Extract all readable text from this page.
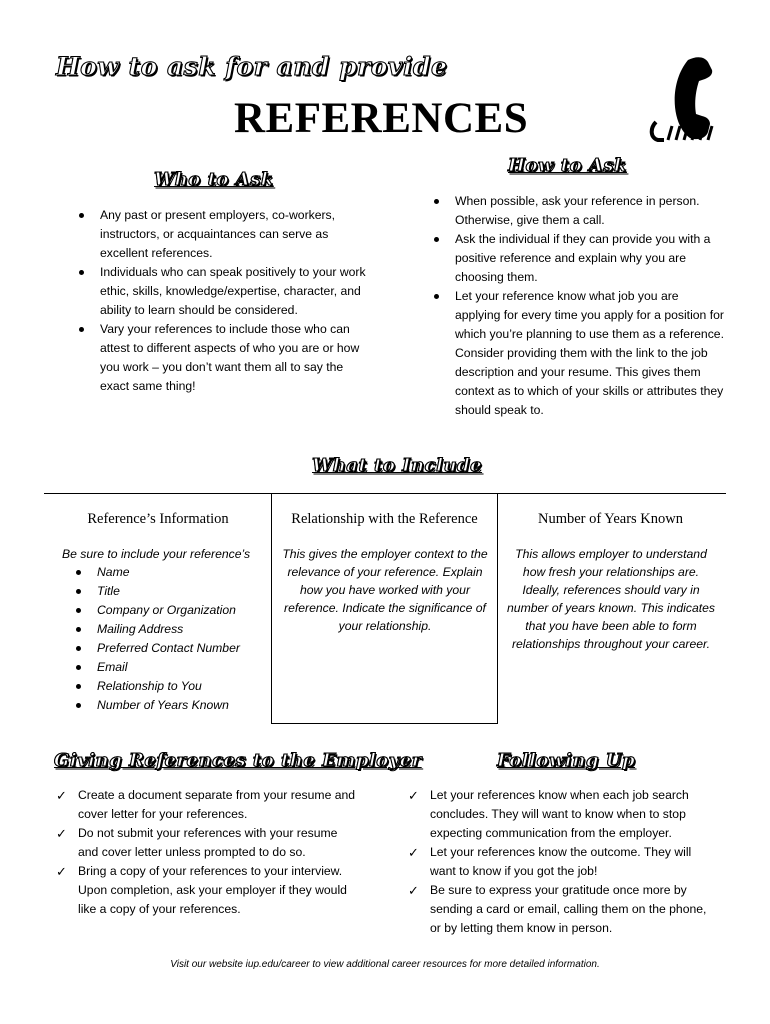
How to ask for and provide
REFERENCES
Who to Ask
Any past or present employers, co-workers, instructors, or acquaintances can serve as excellent references.
Individuals who can speak positively to your work ethic, skills, knowledge/expertise, character, and ability to learn should be considered.
Vary your references to include those who can attest to different aspects of who you are or how you work – you don’t want them all to say the exact same thing!
How to Ask
When possible, ask your reference in person. Otherwise, give them a call.
Ask the individual if they can provide you with a positive reference and explain why you are choosing them.
Let your reference know what job you are applying for every time you apply for a position for which you’re planning to use them as a reference. Consider providing them with the link to the job description and your resume. This gives them context as to which of your skills or attributes they should speak to.
What to Include
Reference’s Information
Be sure to include your reference’s
Name
Title
Company or Organization
Mailing Address
Preferred Contact Number
Email
Relationship to You
Number of Years Known
Relationship with the Reference
This gives the employer context to the relevance of your reference. Explain how you have worked with your reference. Indicate the significance of your relationship.
Number of Years Known
This allows employer to understand how fresh your relationships are. Ideally, references should vary in number of years known. This indicates that you have been able to form relationships throughout your career.
Giving References to the Employer
✓ Create a document separate from your resume and cover letter for your references.
✓ Do not submit your references with your resume and cover letter unless prompted to do so.
✓ Bring a copy of your references to your interview. Upon completion, ask your employer if they would like a copy of your references.
Following Up
✓ Let your references know when each job search concludes. They will want to know when to stop expecting communication from the employer.
✓ Let your references know the outcome. They will want to know if you got the job!
✓ Be sure to express your gratitude once more by sending a card or email, calling them on the phone, or by letting them know in person.
Visit our website iup.edu/career to view additional career resources for more detailed information.
